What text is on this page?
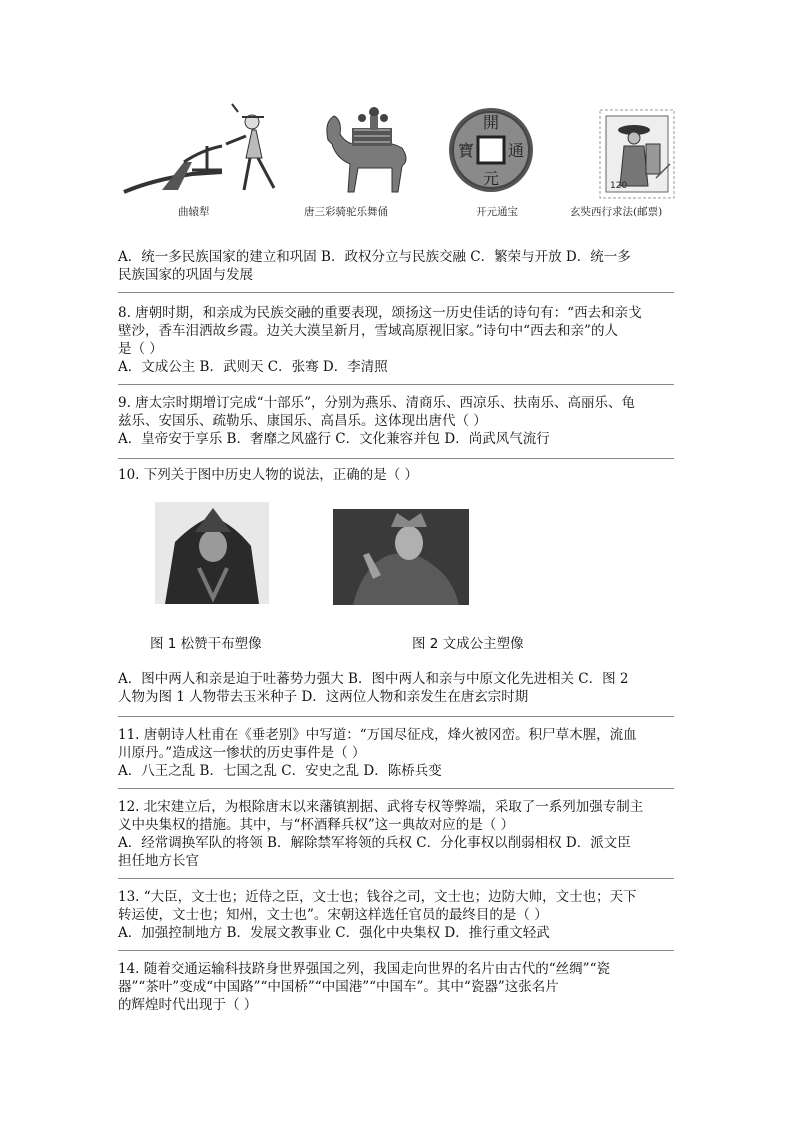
曲辕犁	唐三彩骑驼乐舞俑
開
元
寶 通
开元通宝
120
玄奘西行求法(邮票)
A．统一多民族国家的建立和巩固 B．政权分立与民族交融 C．繁荣与开放 D．统一多
民族国家的巩固与发展
8. 唐朝时期，和亲成为民族交融的重要表现，颂扬这一历史佳话的诗句有：“西去和亲戈
壁沙，香车泪洒故乡霞。边关大漠呈新月，雪域高原视旧家。”诗句中“西去和亲”的人
是（ ）
A．文成公主 B．武则天 C．张骞 D．李清照
9. 唐太宗时期增订完成“十部乐”，分别为燕乐、清商乐、西凉乐、扶南乐、高丽乐、龟
兹乐、安国乐、疏勒乐、康国乐、高昌乐。这体现出唐代（ ）
A．皇帝安于享乐 B．奢靡之风盛行 C．文化兼容并包 D．尚武风气流行
10. 下列关于图中历史人物的说法，正确的是（ ）
图 1 松赞干布塑像	图 2 文成公主塑像
A．图中两人和亲是迫于吐蕃势力强大 B．图中两人和亲与中原文化先进相关 C．图 2
人物为图 1 人物带去玉米种子 D．这两位人物和亲发生在唐玄宗时期
11. 唐朝诗人杜甫在《垂老别》中写道：“万国尽征戍，烽火被冈峦。积尸草木腥，流血
川原丹。”造成这一惨状的历史事件是（ ）
A．八王之乱 B．七国之乱 C．安史之乱 D．陈桥兵变
12. 北宋建立后，为根除唐末以来藩镇割据、武将专权等弊端，采取了一系列加强专制主
义中央集权的措施。其中，与“杯酒释兵权”这一典故对应的是（ ）
A．经常调换军队的将领 B．解除禁军将领的兵权 C．分化事权以削弱相权 D．派文臣
担任地方长官
13. “大臣，文士也；近侍之臣，文士也；钱谷之司，文士也；边防大帅，文士也；天下
转运使，文士也；知州，文士也”。宋朝这样选任官员的最终目的是（ ）
A．加强控制地方 B．发展文教事业 C．强化中央集权 D．推行重文轻武
14. 随着交通运输科技跻身世界强国之列，我国走向世界的名片由古代的“丝绸”“瓷
器”“茶叶”变成“中国路”“中国桥”“中国港”“中国车”。其中“瓷器”这张名片
的辉煌时代出现于（ ）
